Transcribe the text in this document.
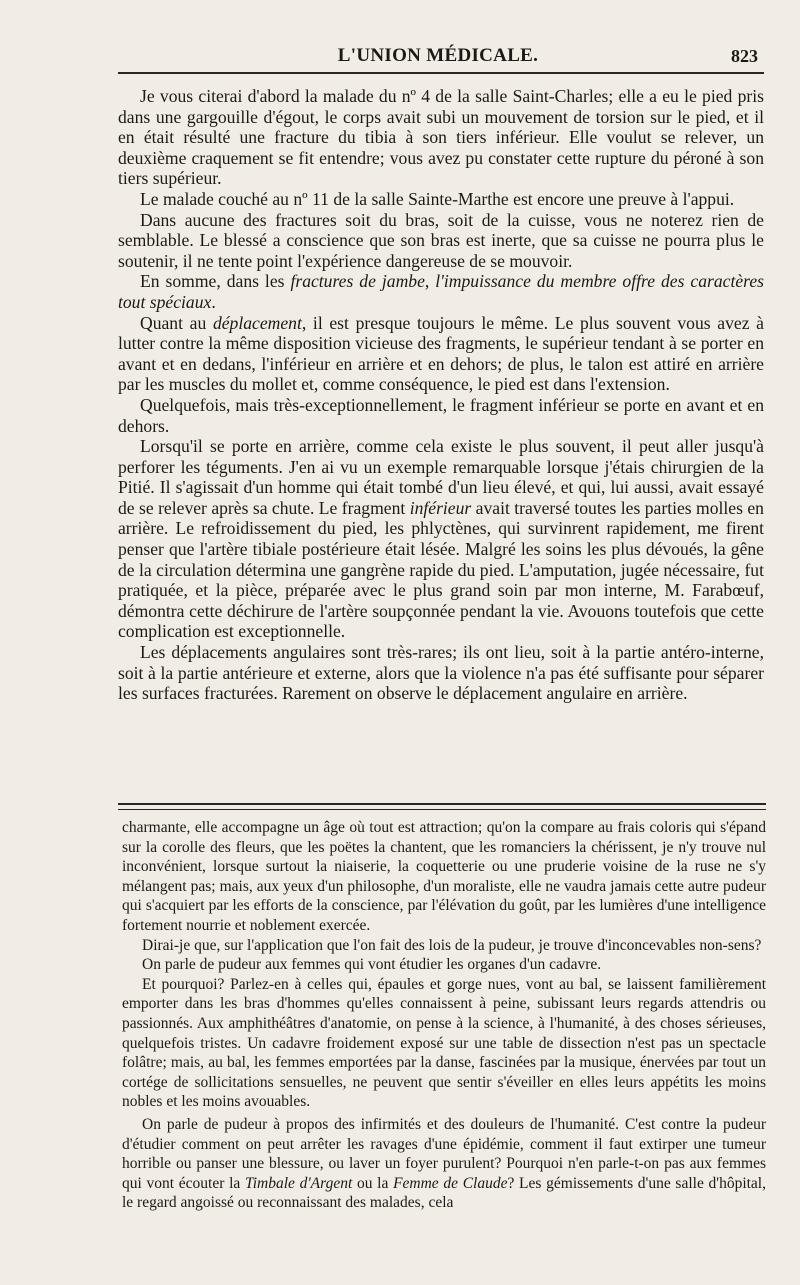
L'UNION MÉDICALE.	823

Je vous citerai d'abord la malade du nº 4 de la salle Saint-Charles; elle a eu le pied pris dans une gargouille d'égout, le corps avait subi un mouvement de torsion sur le pied, et il en était résulté une fracture du tibia à son tiers inférieur. Elle voulut se relever, un deuxième craquement se fit entendre; vous avez pu constater cette rupture du péroné à son tiers supérieur.

Le malade couché au nº 11 de la salle Sainte-Marthe est encore une preuve à l'appui.

Dans aucune des fractures soit du bras, soit de la cuisse, vous ne noterez rien de semblable. Le blessé a conscience que son bras est inerte, que sa cuisse ne pourra plus le soutenir, il ne tente point l'expérience dangereuse de se mouvoir.

En somme, dans les fractures de jambe, l'impuissance du membre offre des caractères tout spéciaux.

Quant au déplacement, il est presque toujours le même. Le plus souvent vous avez à lutter contre la même disposition vicieuse des fragments, le supérieur tendant à se porter en avant et en dedans, l'inférieur en arrière et en dehors; de plus, le talon est attiré en arrière par les muscles du mollet et, comme conséquence, le pied est dans l'extension.

Quelquefois, mais très-exceptionnellement, le fragment inférieur se porte en avant et en dehors.

Lorsqu'il se porte en arrière, comme cela existe le plus souvent, il peut aller jusqu'à perforer les téguments. J'en ai vu un exemple remarquable lorsque j'étais chirurgien de la Pitié. Il s'agissait d'un homme qui était tombé d'un lieu élevé, et qui, lui aussi, avait essayé de se relever après sa chute. Le fragment inférieur avait traversé toutes les parties molles en arrière. Le refroidissement du pied, les phlyctènes, qui survinrent rapidement, me firent penser que l'artère tibiale postérieure était lésée. Malgré les soins les plus dévoués, la gêne de la circulation détermina une gangrène rapide du pied. L'amputation, jugée nécessaire, fut pratiquée, et la pièce, préparée avec le plus grand soin par mon interne, M. Farabœuf, démontra cette déchirure de l'artère soupçonnée pendant la vie. Avouons toutefois que cette complication est exceptionnelle.

Les déplacements angulaires sont très-rares; ils ont lieu, soit à la partie antéro-interne, soit à la partie antérieure et externe, alors que la violence n'a pas été suffisante pour séparer les surfaces fracturées. Rarement on observe le déplacement angulaire en arrière.

charmante, elle accompagne un âge où tout est attraction; qu'on la compare au frais coloris qui s'épand sur la corolle des fleurs, que les poëtes la chantent, que les romanciers la chérissent, je n'y trouve nul inconvénient, lorsque surtout la niaiserie, la coquetterie ou une pruderie voisine de la ruse ne s'y mélangent pas; mais, aux yeux d'un philosophe, d'un moraliste, elle ne vaudra jamais cette autre pudeur qui s'acquiert par les efforts de la conscience, par l'élévation du goût, par les lumières d'une intelligence fortement nourrie et noblement exercée.

Dirai-je que, sur l'application que l'on fait des lois de la pudeur, je trouve d'inconcevables non-sens?

On parle de pudeur aux femmes qui vont étudier les organes d'un cadavre.

Et pourquoi? Parlez-en à celles qui, épaules et gorge nues, vont au bal, se laissent familièrement emporter dans les bras d'hommes qu'elles connaissent à peine, subissant leurs regards attendris ou passionnés. Aux amphithéâtres d'anatomie, on pense à la science, à l'humanité, à des choses sérieuses, quelquefois tristes. Un cadavre froidement exposé sur une table de dissection n'est pas un spectacle folâtre; mais, au bal, les femmes emportées par la danse, fascinées par la musique, énervées par tout un cortége de sollicitations sensuelles, ne peuvent que sentir s'éveiller en elles leurs appétits les moins nobles et les moins avouables.

On parle de pudeur à propos des infirmités et des douleurs de l'humanité. C'est contre la pudeur d'étudier comment on peut arrêter les ravages d'une épidémie, comment il faut extirper une tumeur horrible ou panser une blessure, ou laver un foyer purulent? Pourquoi n'en parle-t-on pas aux femmes qui vont écouter la Timbale d'Argent ou la Femme de Claude? Les gémissements d'une salle d'hôpital, le regard angoissé ou reconnaissant des malades, cela
